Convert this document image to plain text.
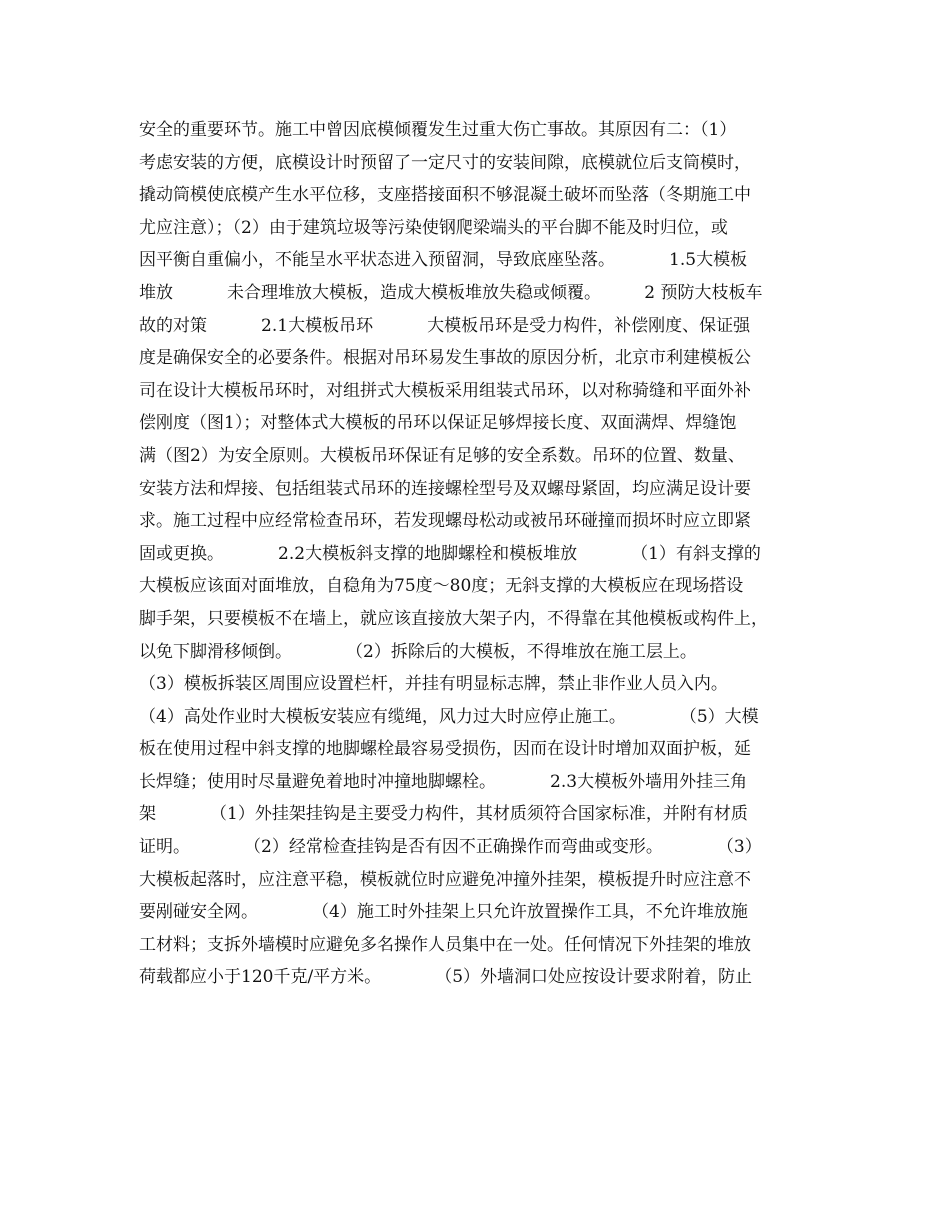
安全的重要环节。施工中曾因底模倾覆发生过重大伤亡事故。其原因有二：（1）
考虑安装的方便，底模设计时预留了一定尺寸的安装间隙，底模就位后支筒模时，
撬动筒模使底模产生水平位移，支座搭接面积不够混凝土破坏而坠落（冬期施工中
尤应注意）；（2）由于建筑垃圾等污染使钢爬梁端头的平台脚不能及时归位，或
因平衡自重偏小，不能呈水平状态进入预留洞，导致底座坠落。          1.5大模板
堆放          未合理堆放大模板，造成大模板堆放失稳或倾覆。        2 预防大枝板车
故的对策          2.1大模板吊环          大模板吊环是受力构件，补偿刚度、保证强
度是确保安全的必要条件。根据对吊环易发生事故的原因分析，北京市利建模板公
司在设计大模板吊环时，对组拼式大模板采用组装式吊环，以对称骑缝和平面外补
偿刚度（图1）；对整体式大模板的吊环以保证足够焊接长度、双面满焊、焊缝饱
满（图2）为安全原则。大模板吊环保证有足够的安全系数。吊环的位置、数量、
安装方法和焊接、包括组装式吊环的连接螺栓型号及双螺母紧固，均应满足设计要
求。施工过程中应经常检查吊环，若发现螺母松动或被吊环碰撞而损坏时应立即紧
固或更换。          2.2大模板斜支撑的地脚螺栓和模板堆放          （1）有斜支撑的
大模板应该面对面堆放，自稳角为75度～80度；无斜支撑的大模板应在现场搭设
脚手架，只要模板不在墙上，就应该直接放大架子内，不得靠在其他模板或构件上，
以免下脚滑移倾倒。          （2）拆除后的大模板，不得堆放在施工层上。
（3）模板拆装区周围应设置栏杆，并挂有明显标志牌，禁止非作业人员入内。
（4）高处作业时大模板安装应有缆绳，风力过大时应停止施工。          （5）大模
板在使用过程中斜支撑的地脚螺栓最容易受损伤，因而在设计时增加双面护板，延
长焊缝；使用时尽量避免着地时冲撞地脚螺栓。          2.3大模板外墙用外挂三角
架          （1）外挂架挂钩是主要受力构件，其材质须符合国家标准，并附有材质
证明。          （2）经常检查挂钩是否有因不正确操作而弯曲或变形。          （3）
大模板起落时，应注意平稳，模板就位时应避免冲撞外挂架，模板提升时应注意不
要剐碰安全网。          （4）施工时外挂架上只允许放置操作工具，不允许堆放施
工材料；支拆外墙模时应避免多名操作人员集中在一处。任何情况下外挂架的堆放
荷载都应小于120千克/平方米。          （5）外墙洞口处应按设计要求附着，防止
